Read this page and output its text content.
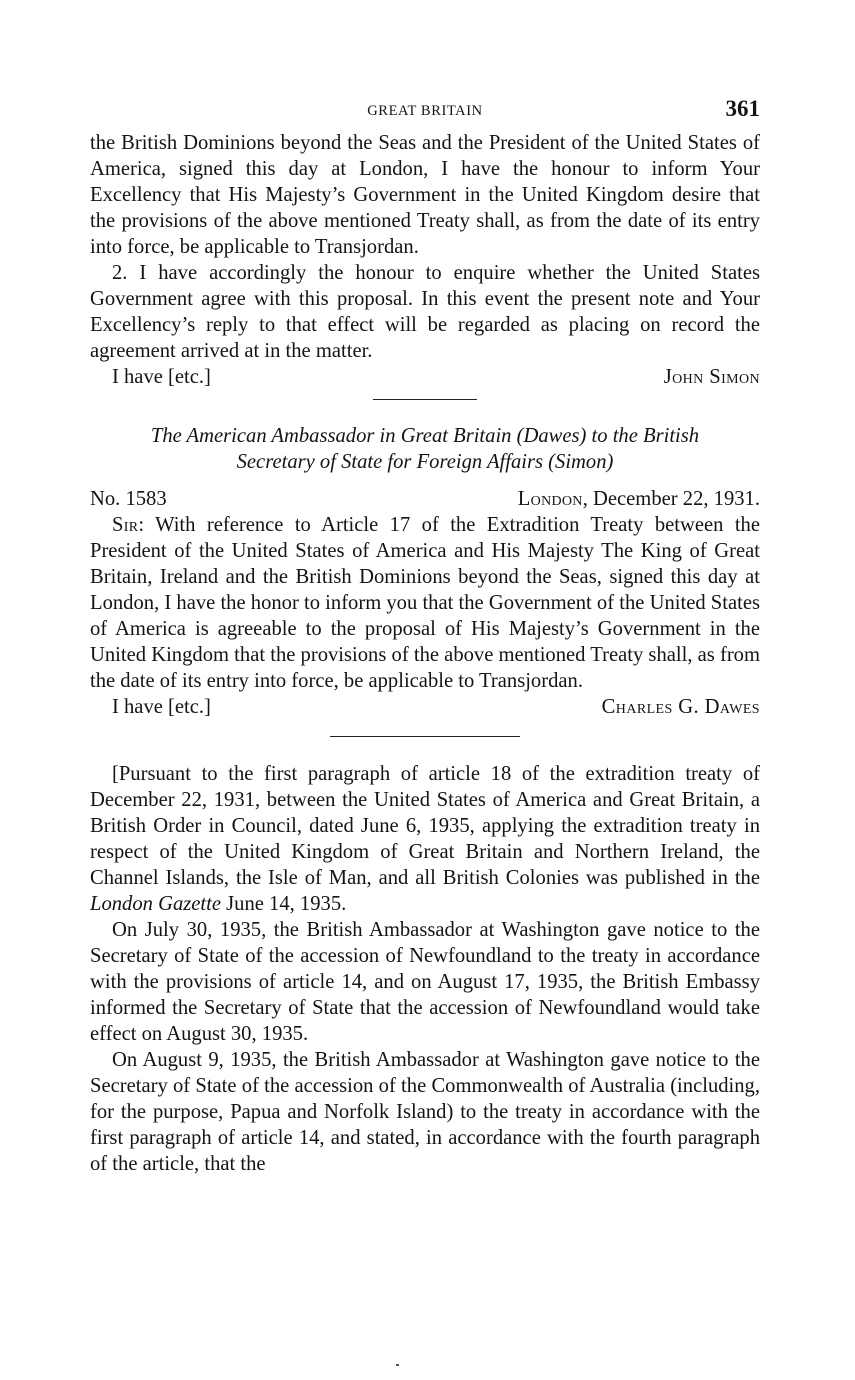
GREAT BRITAIN	361

the British Dominions beyond the Seas and the President of the United States of America, signed this day at London, I have the honour to inform Your Excellency that His Majesty’s Government in the United Kingdom desire that the provisions of the above mentioned Treaty shall, as from the date of its entry into force, be applicable to Transjordan.

2. I have accordingly the honour to enquire whether the United States Government agree with this proposal. In this event the present note and Your Excellency’s reply to that effect will be regarded as placing on record the agreement arrived at in the matter.

I have [etc.]	John Simon
The American Ambassador in Great Britain (Dawes) to the British
Secretary of State for Foreign Affairs (Simon)
No. 1583	London, December 22, 1931.

Sir: With reference to Article 17 of the Extradition Treaty between the President of the United States of America and His Majesty The King of Great Britain, Ireland and the British Dominions beyond the Seas, signed this day at London, I have the honor to inform you that the Government of the United States of America is agreeable to the proposal of His Majesty’s Government in the United Kingdom that the provisions of the above mentioned Treaty shall, as from the date of its entry into force, be applicable to Transjordan.

I have [etc.]	Charles G. Dawes

[Pursuant to the first paragraph of article 18 of the extradition treaty of December 22, 1931, between the United States of America and Great Britain, a British Order in Council, dated June 6, 1935, applying the extradition treaty in respect of the United Kingdom of Great Britain and Northern Ireland, the Channel Islands, the Isle of Man, and all British Colonies was published in the London Gazette June 14, 1935.

On July 30, 1935, the British Ambassador at Washington gave notice to the Secretary of State of the accession of Newfoundland to the treaty in accordance with the provisions of article 14, and on August 17, 1935, the British Embassy informed the Secretary of State that the accession of Newfoundland would take effect on August 30, 1935.

On August 9, 1935, the British Ambassador at Washington gave notice to the Secretary of State of the accession of the Commonwealth of Australia (including, for the purpose, Papua and Norfolk Island) to the treaty in accordance with the first paragraph of article 14, and stated, in accordance with the fourth paragraph of the article, that the
